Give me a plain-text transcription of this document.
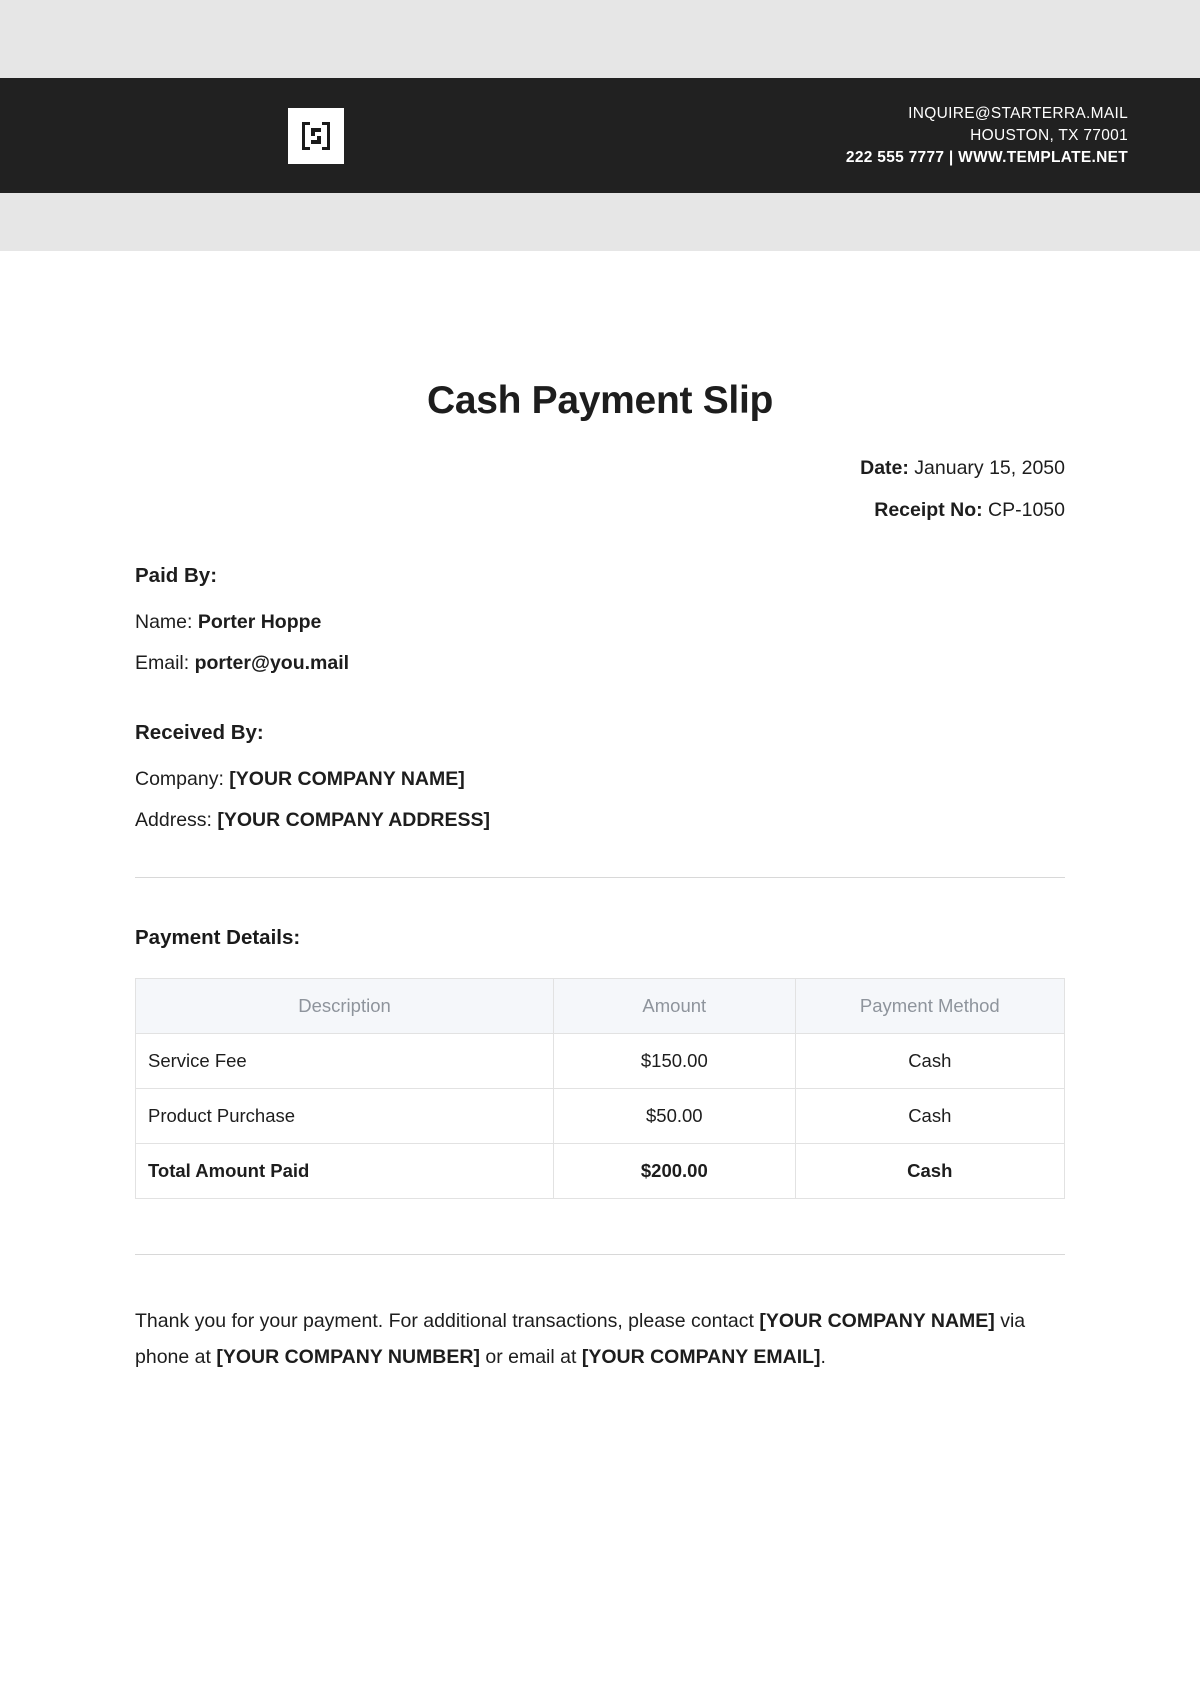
INQUIRE@STARTERRA.MAIL
HOUSTON, TX 77001
222 555 7777 | WWW.TEMPLATE.NET
Cash Payment Slip
Date: January 15, 2050
Receipt No: CP-1050
Paid By:
Name: Porter Hoppe
Email: porter@you.mail
Received By:
Company: [YOUR COMPANY NAME]
Address: [YOUR COMPANY ADDRESS]
Payment Details:
Description	Amount	Payment Method
Service Fee	$150.00	Cash
Product Purchase	$50.00	Cash
Total Amount Paid	$200.00	Cash
Thank you for your payment. For additional transactions, please contact [YOUR COMPANY NAME] via phone at [YOUR COMPANY NUMBER] or email at [YOUR COMPANY EMAIL].
